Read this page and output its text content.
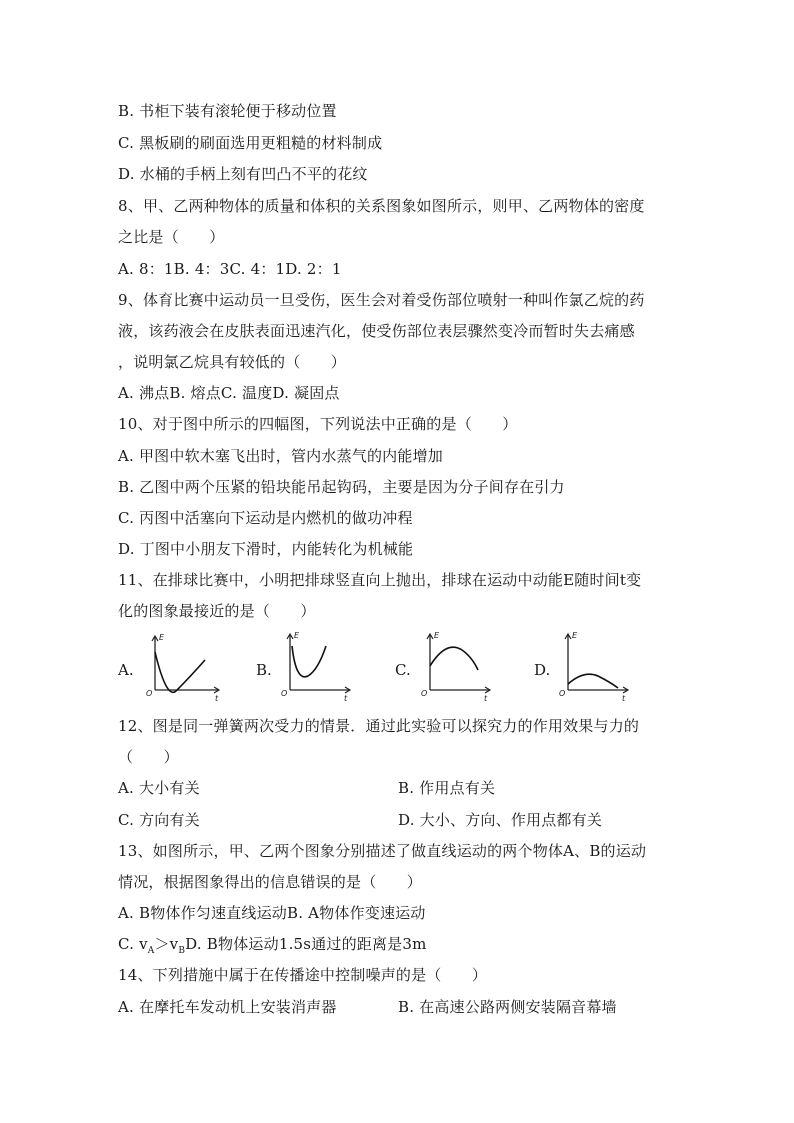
B. 书柜下装有滚轮便于移动位置
C. 黑板刷的刷面选用更粗糙的材料制成
D. 水桶的手柄上刻有凹凸不平的花纹
8、甲、乙两种物体的质量和体积的关系图象如图所示，则甲、乙两物体的密度
之比是（　　）
A. 8：1B. 4：3C. 4：1D. 2：1
9、体育比赛中运动员一旦受伤，医生会对着受伤部位喷射一种叫作氯乙烷的药
液，该药液会在皮肤表面迅速汽化，使受伤部位表层骤然变冷而暂时失去痛感
，说明氯乙烷具有较低的（　　）
A. 沸点B. 熔点C. 温度D. 凝固点
10、对于图中所示的四幅图，下列说法中正确的是（　　）
A. 甲图中软木塞飞出时，管内水蒸气的内能增加
B. 乙图中两个压紧的铅块能吊起钩码，主要是因为分子间存在引力
C. 丙图中活塞向下运动是内燃机的做功冲程
D. 丁图中小朋友下滑时，内能转化为机械能
11、在排球比赛中，小明把排球竖直向上抛出，排球在运动中动能E随时间t变
化的图象最接近的是（　　）
A.
E
O
t
B.
E
O
t
C.
E
O
t
D.
E
O
t
12、图是同一弹簧两次受力的情景．通过此实验可以探究力的作用效果与力的
（　　）
A. 大小有关	B. 作用点有关
C. 方向有关	D. 大小、方向、作用点都有关
13、如图所示，甲、乙两个图象分别描述了做直线运动的两个物体A、B的运动
情况，根据图象得出的信息错误的是（　　）
A. B物体作匀速直线运动B. A物体作变速运动
C. $v_A>v_BD$. B物体运动1.5s通过的距离是3m
14、下列措施中属于在传播途中控制噪声的是（　　）
A. 在摩托车发动机上安装消声器	B. 在高速公路两侧安装隔音幕墙
